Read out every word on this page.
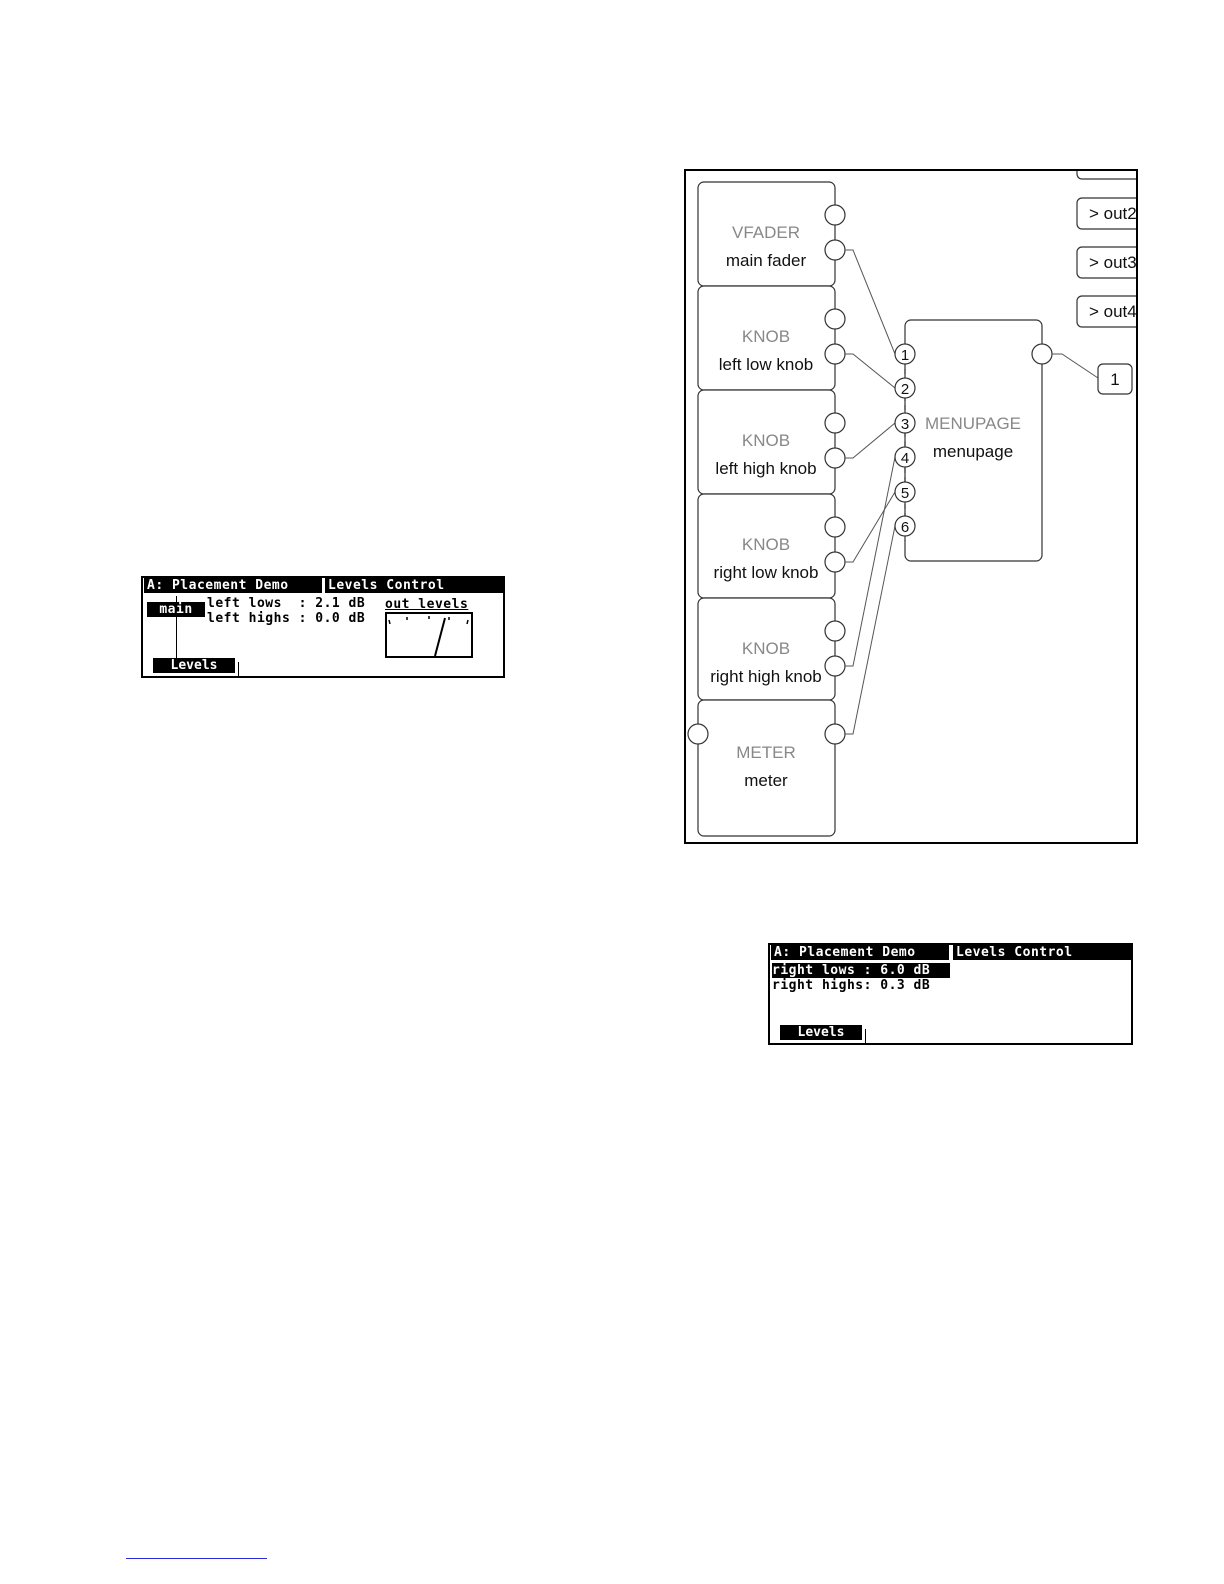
A: Placement Demo	Levels Control
main	left lows  : 2.1 dB
left highs : 0.0 dB
out levels
Levels
VFADER
main fader
KNOB
left low knob
KNOB
left high knob
KNOB
right low knob
KNOB
right high knob
METER
meter
MENUPAGE
menupage
1
2
3
4
5
6
1
> out2
> out3
> out4
A: Placement Demo	Levels Control
right lows : 6.0 dB
right highs: 0.3 dB
Levels
